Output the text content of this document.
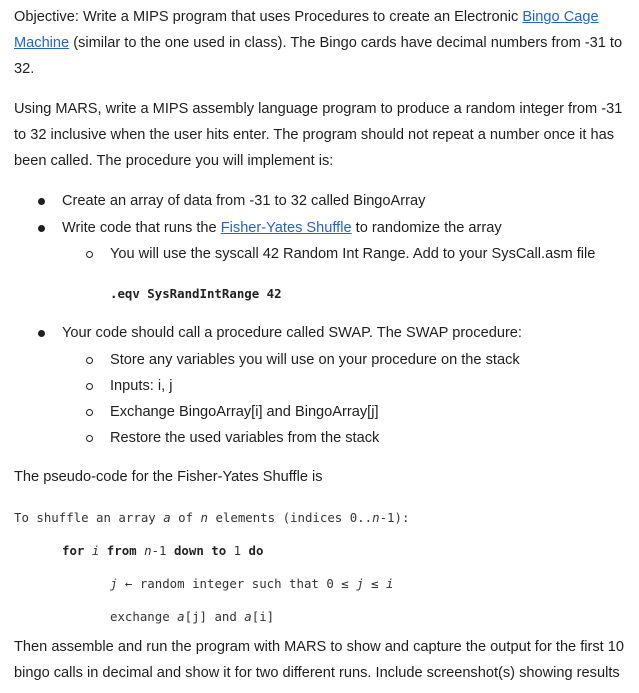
Objective: Write a MIPS program that uses Procedures to create an Electronic Bingo Cage Machine (similar to the one used in class). The Bingo cards have decimal numbers from -31 to 32.

Using MARS, write a MIPS assembly language program to produce a random integer from -31 to 32 inclusive when the user hits enter. The program should not repeat a number once it has been called. The procedure you will implement is:

Create an array of data from -31 to 32 called BingoArray
Write code that runs the Fisher-Yates Shuffle to randomize the array
You will use the syscall 42 Random Int Range. Add to your SysCall.asm file
.eqv SysRandIntRange 42
Your code should call a procedure called SWAP. The SWAP procedure:
Store any variables you will use on your procedure on the stack
Inputs: i, j
Exchange BingoArray[i] and BingoArray[j]
Restore the used variables from the stack

The pseudo-code for the Fisher-Yates Shuffle is

To shuffle an array a of n elements (indices 0..n-1):
for i from n-1 down to 1 do
j ← random integer such that 0 ≤ j ≤ i
exchange a[j] and a[i]

Then assemble and run the program with MARS to show and capture the output for the first 10 bingo calls in decimal and show it for two different runs. Include screenshot(s) showing results
